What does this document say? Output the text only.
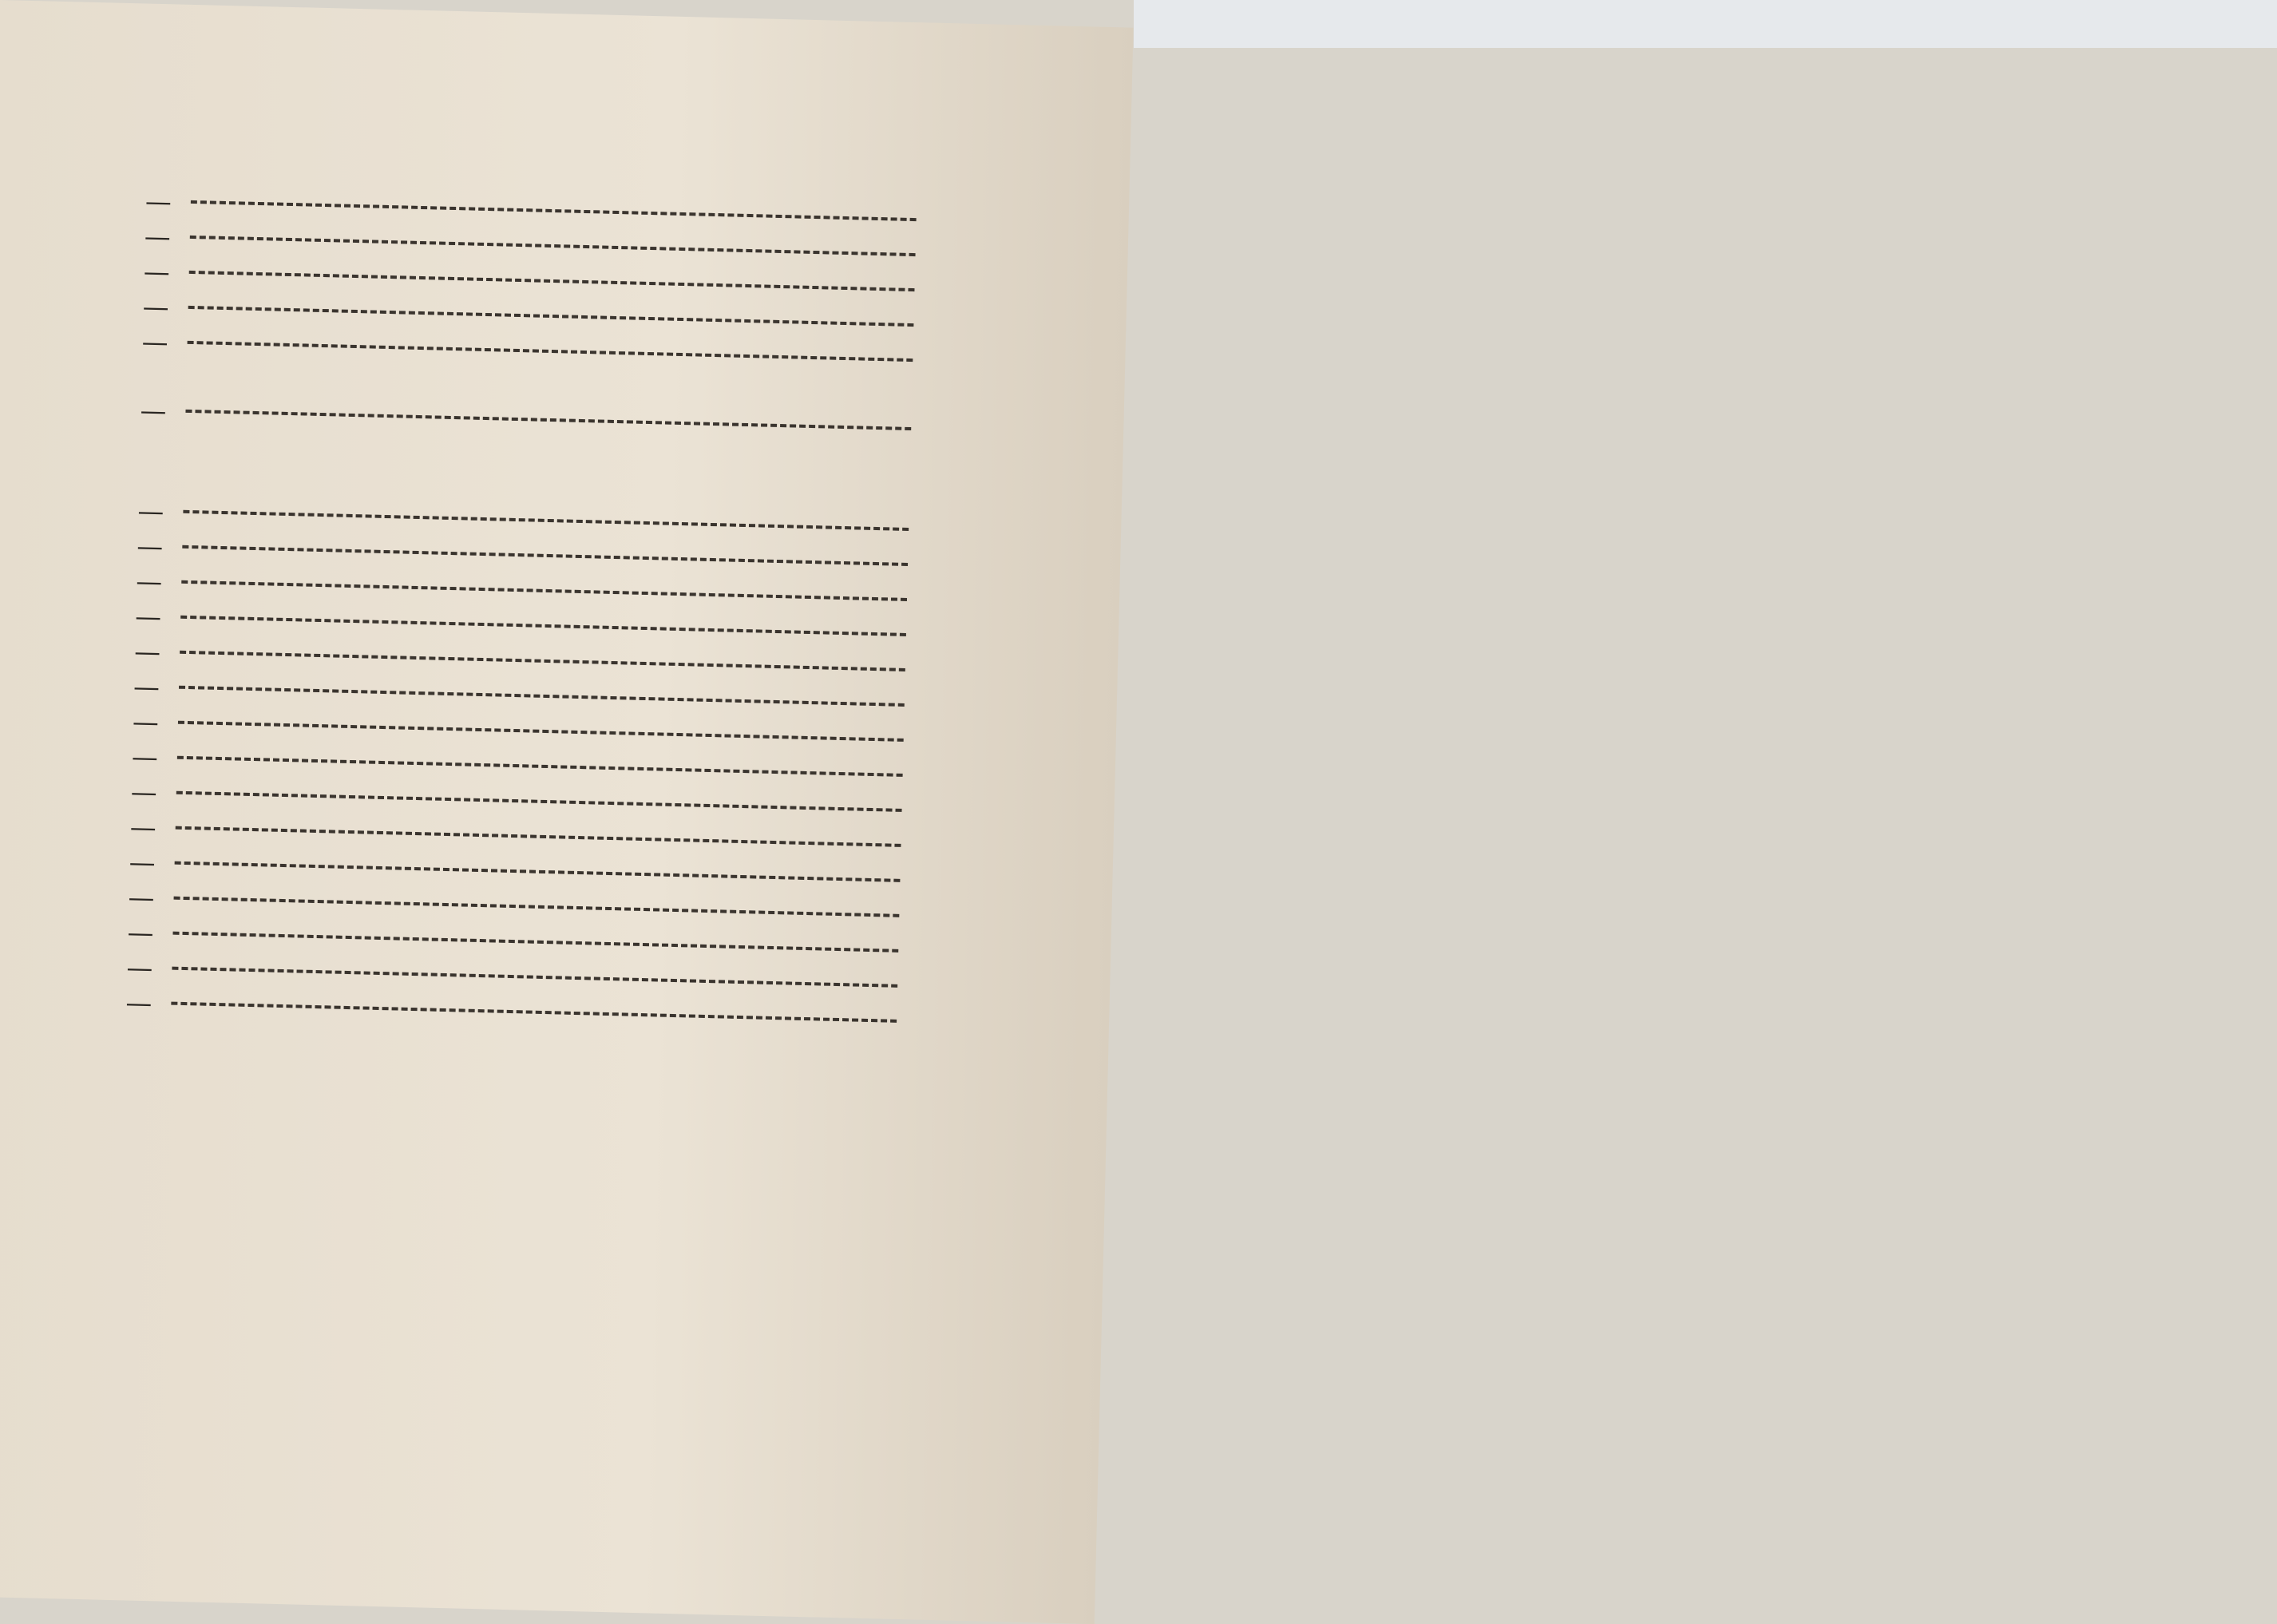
—
—
—
—
—
—
—
—
—
—
—
—
—
—
—
—
—
—
—
—
—
